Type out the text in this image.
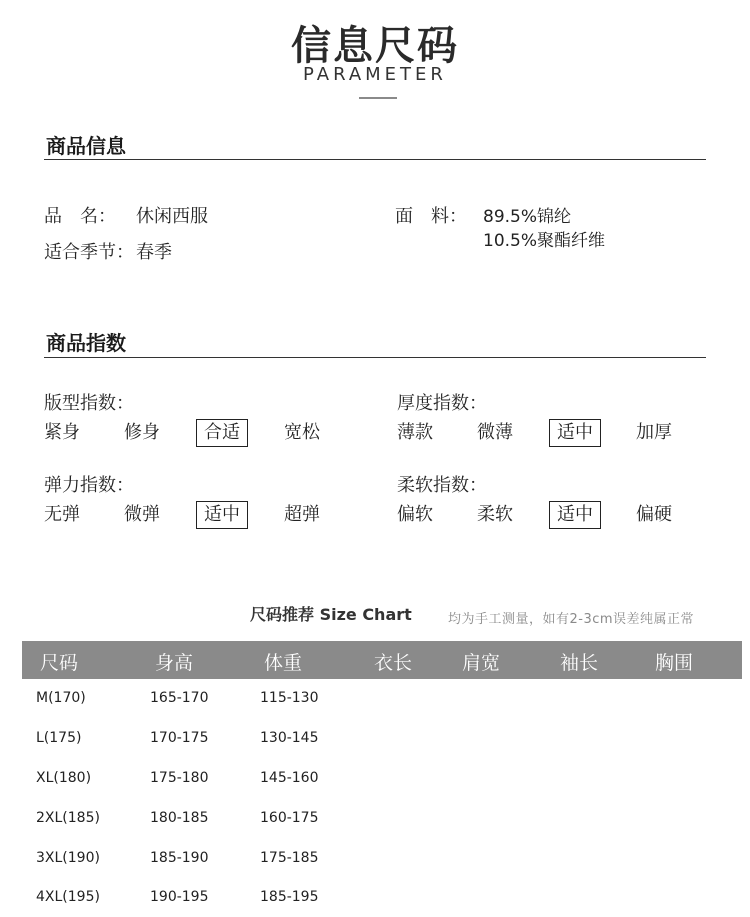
信息尺码
PARAMETER
商品信息
品　名： 休闲西服
适合季节： 春季
面　料： 89.5%锦纶
10.5%聚酯纤维
商品指数
版型指数：	厚度指数：
弹力指数：	柔软指数：
紧身 修身	合适	宽松	薄款 微薄	适中	加厚
无弹 微弹	适中	超弹	偏软 柔软	适中	偏硬
尺码推荐 Size Chart	均为手工测量，如有2-3cm误差纯属正常
尺码	身高	体重	衣长	肩宽	袖长	胸围
M(170)	165-170	115-130
L(175)	170-175	130-145
XL(180)	175-180	145-160
2XL(185)	180-185	160-175
3XL(190)	185-190	175-185
4XL(195)	190-195	185-195
